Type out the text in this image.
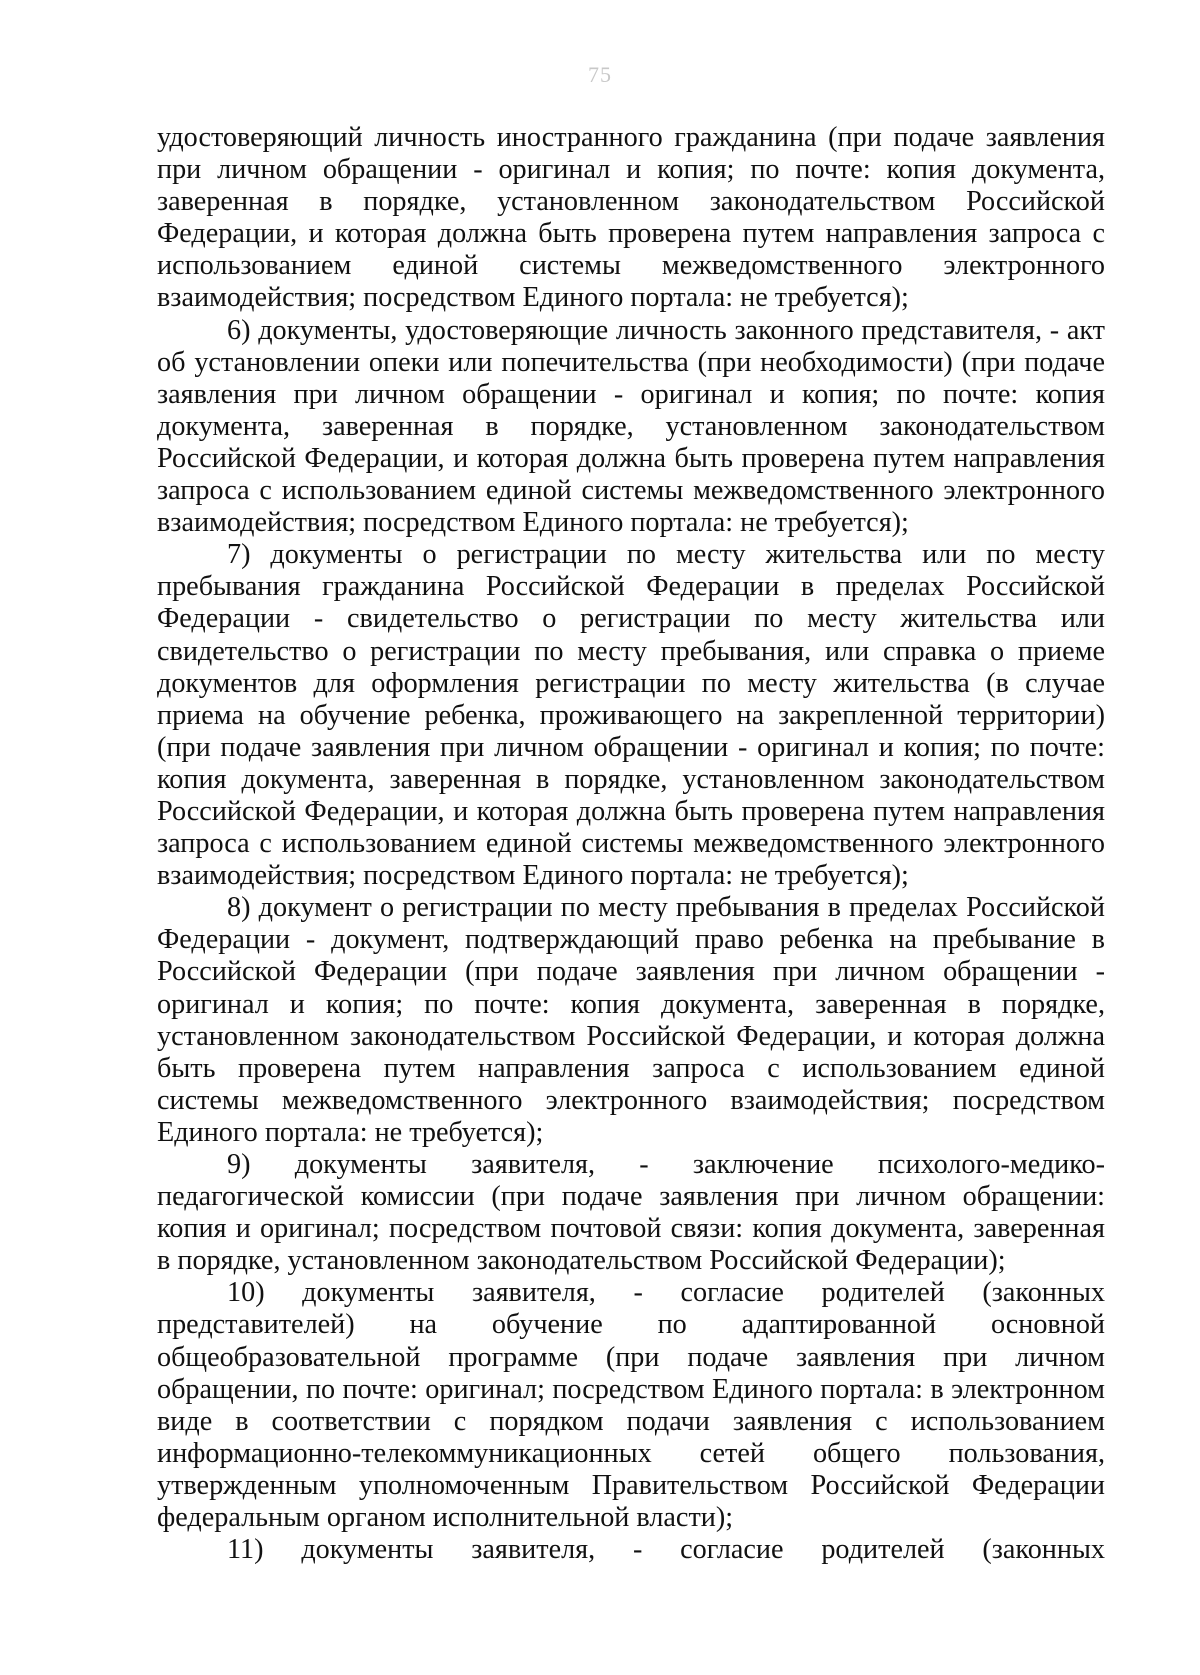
75

удостоверяющий личность иностранного гражданина (при подаче заявления при личном обращении - оригинал и копия; по почте: копия документа, заверенная в порядке, установленном законодательством Российской Федерации, и которая должна быть проверена путем направления запроса с использованием единой системы межведомственного электронного взаимодействия; посредством Единого портала: не требуется);

6) документы, удостоверяющие личность законного представителя, - акт об установлении опеки или попечительства (при необходимости) (при подаче заявления при личном обращении - оригинал и копия; по почте: копия документа, заверенная в порядке, установленном законодательством Российской Федерации, и которая должна быть проверена путем направления запроса с использованием единой системы межведомственного электронного взаимодействия; посредством Единого портала: не требуется);

7) документы о регистрации по месту жительства или по месту пребывания гражданина Российской Федерации в пределах Российской Федерации - свидетельство о регистрации по месту жительства или свидетельство о регистрации по месту пребывания, или справка о приеме документов для оформления регистрации по месту жительства (в случае приема на обучение ребенка, проживающего на закрепленной территории) (при подаче заявления при личном обращении - оригинал и копия; по почте: копия документа, заверенная в порядке, установленном законодательством Российской Федерации, и которая должна быть проверена путем направления запроса с использованием единой системы межведомственного электронного взаимодействия; посредством Единого портала: не требуется);

8) документ о регистрации по месту пребывания в пределах Российской Федерации - документ, подтверждающий право ребенка на пребывание в Российской Федерации (при подаче заявления при личном обращении - оригинал и копия; по почте: копия документа, заверенная в порядке, установленном законодательством Российской Федерации, и которая должна быть проверена путем направления запроса с использованием единой системы межведомственного электронного взаимодействия; посредством Единого портала: не требуется);

9) документы заявителя, - заключение психолого-медико-педагогической комиссии (при подаче заявления при личном обращении: копия и оригинал; посредством почтовой связи: копия документа, заверенная в порядке, установленном законодательством Российской Федерации);

10) документы заявителя, - согласие родителей (законных представителей) на обучение по адаптированной основной общеобразовательной программе (при подаче заявления при личном обращении, по почте: оригинал; посредством Единого портала: в электронном виде в соответствии с порядком подачи заявления с использованием информационно-телекоммуникационных сетей общего пользования, утвержденным уполномоченным Правительством Российской Федерации федеральным органом исполнительной власти);

11) документы заявителя, - согласие родителей (законных
